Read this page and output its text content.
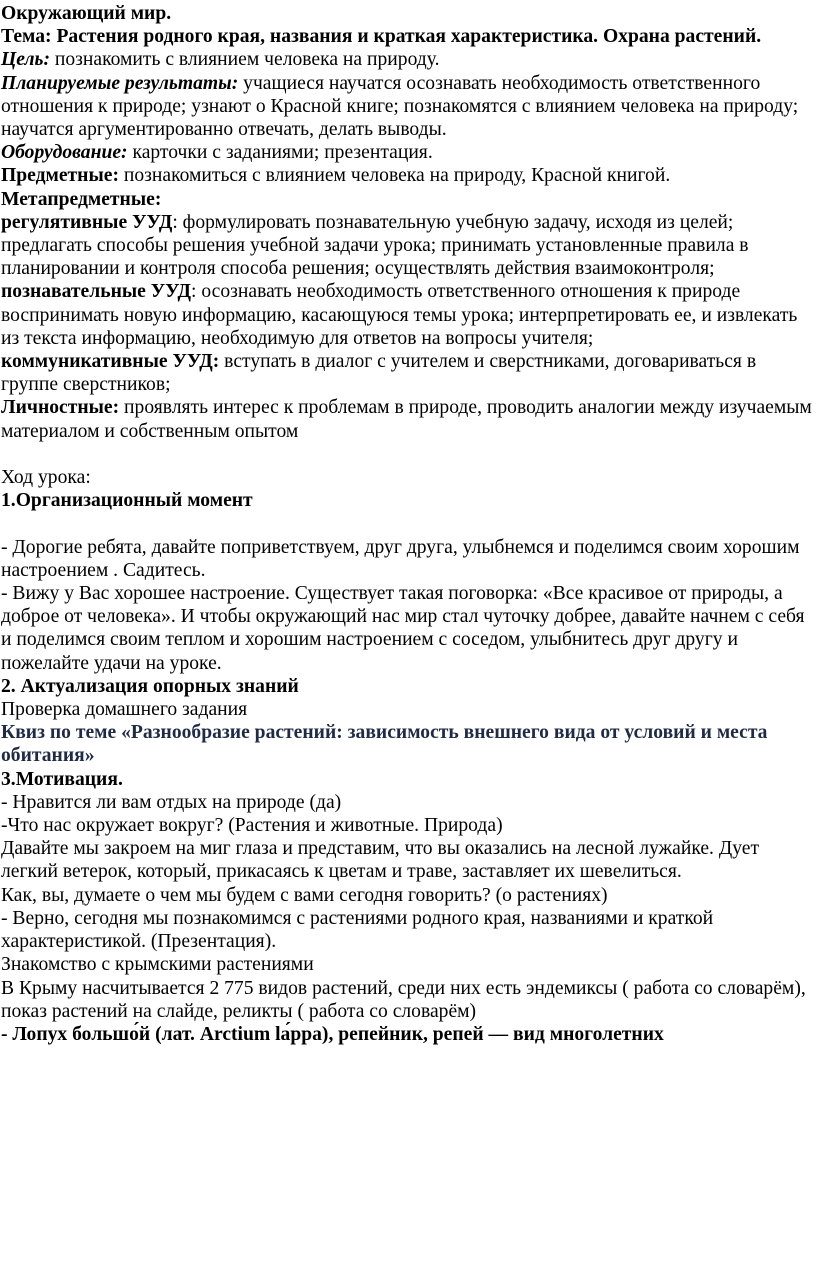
Окружающий мир.

Тема: Растения родного края, названия и краткая характеристика. Охрана растений.

Цель: познакомить с влиянием человека на природу.

Планируемые результаты: учащиеся научатся осознавать необходимость ответственного отношения к природе; узнают о Красной книге; познакомятся с влиянием человека на природу; научатся аргументированно отвечать, делать выводы.

Оборудование: карточки с заданиями; презентация.

Предметные: познакомиться с влиянием человека на природу, Красной книгой.

Метапредметные:

регулятивные УУД: формулировать познавательную учебную задачу, исходя из целей; предлагать способы решения учебной задачи урока; принимать установленные правила в планировании и контроля способа решения; осуществлять действия взаимоконтроля;

познавательные УУД: осознавать необходимость ответственного отношения к природе воспринимать новую информацию, касающуюся темы урока; интерпретировать ее, и извлекать из текста информацию, необходимую для ответов на вопросы учителя;

коммуникативные УУД: вступать в диалог с учителем и сверстниками, договариваться в группе сверстников;

Личностные: проявлять интерес к проблемам в природе, проводить аналогии между изучаемым материалом и собственным опытом

Ход урока:

1.Организационный момент

- Дорогие ребята, давайте поприветствуем, друг друга, улыбнемся и поделимся своим хорошим настроением . Садитесь.

- Вижу у Вас хорошее настроение. Существует такая поговорка: «Все красивое от природы, а доброе от человека». И чтобы окружающий нас мир стал чуточку добрее, давайте начнем с себя и поделимся своим теплом и хорошим настроением с соседом, улыбнитесь друг другу и пожелайте удачи на уроке.

2. Актуализация опорных знаний

Проверка домашнего задания

Квиз по теме «Разнообразие растений: зависимость внешнего вида от условий и места обитания»

3.Мотивация.

- Нравится ли вам отдых на природе (да)

-Что нас окружает вокруг? (Растения и животные. Природа)

Давайте мы закроем на миг глаза и представим, что вы оказались на лесной лужайке. Дует легкий ветерок, который, прикасаясь к цветам и траве, заставляет их шевелиться.

Как, вы, думаете о чем мы будем с вами сегодня говорить? (о растениях)

- Верно, сегодня мы познакомимся с растениями родного края, названиями и краткой характеристикой. (Презентация).

Знакомство с крымскими растениями

В Крыму насчитывается 2 775 видов растений, среди них есть эндемиксы ( работа со словарём), показ растений на слайде, реликты ( работа со словарём)

- Лопух большо́й (лат. Arctium lа́ppa), репейник, репей — вид многолетних
